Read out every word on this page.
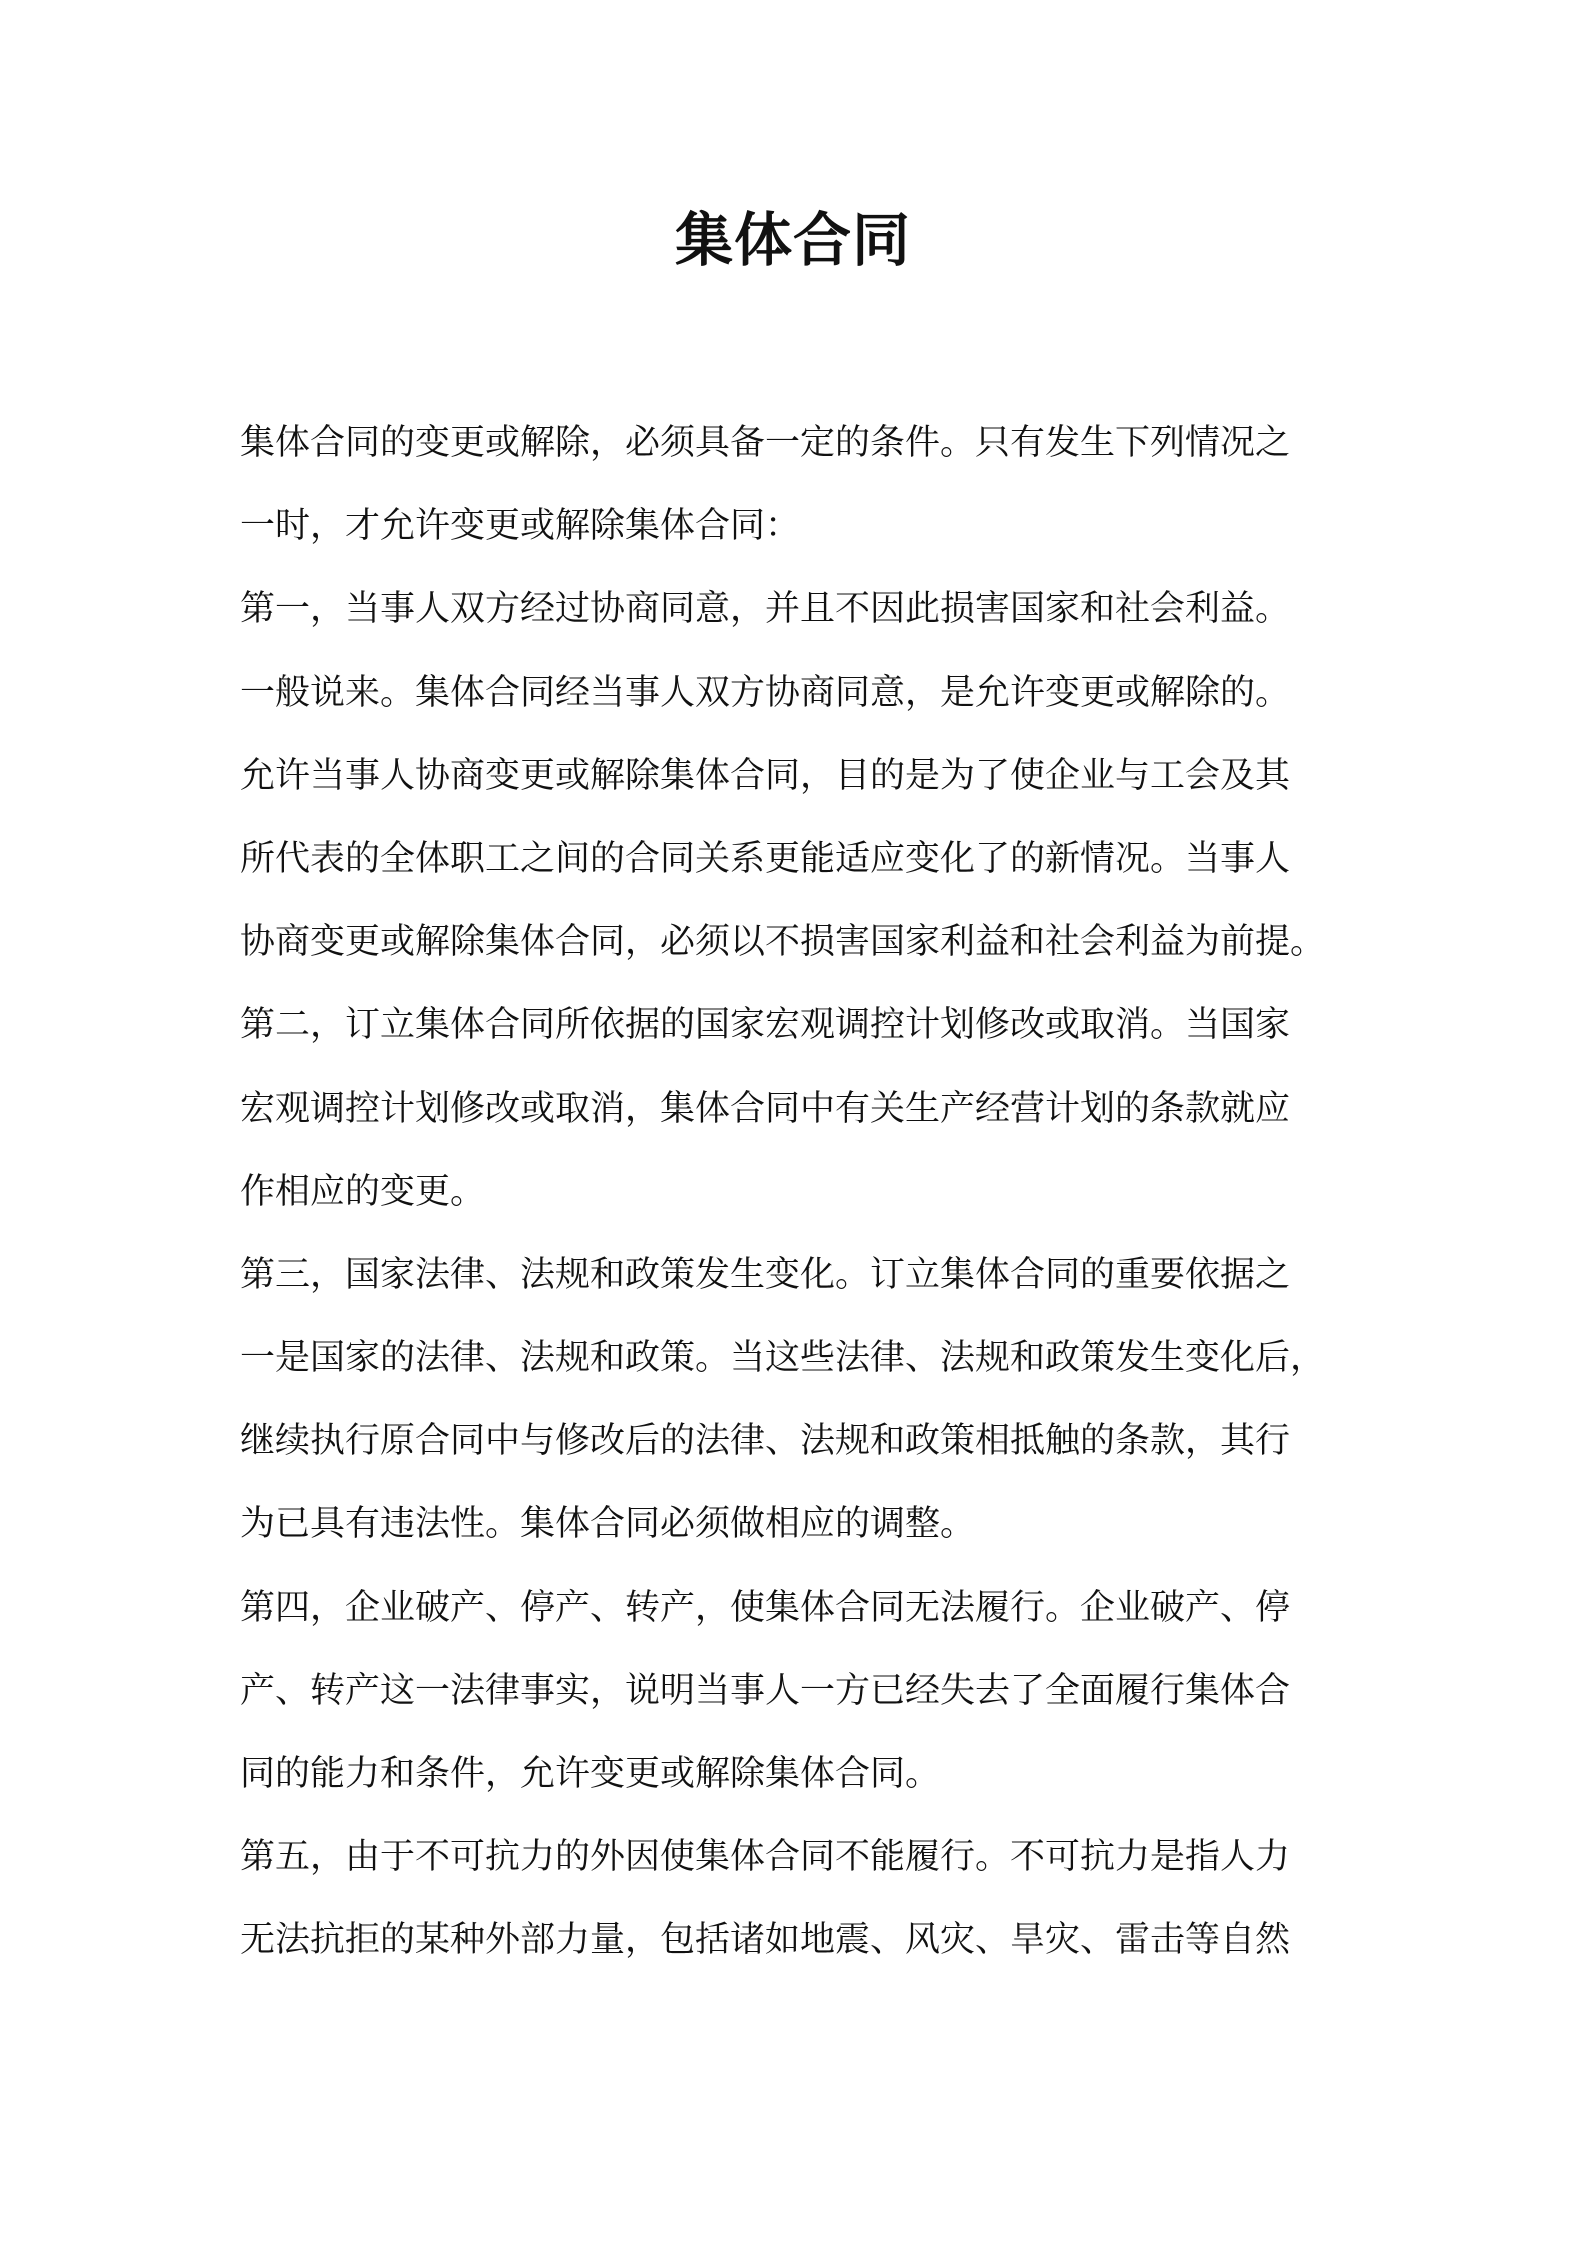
集体合同
集体合同的变更或解除，必须具备一定的条件。只有发生下列情况之
一时，才允许变更或解除集体合同：
第一，当事人双方经过协商同意，并且不因此损害国家和社会利益。
一般说来。集体合同经当事人双方协商同意，是允许变更或解除的。
允许当事人协商变更或解除集体合同，目的是为了使企业与工会及其
所代表的全体职工之间的合同关系更能适应变化了的新情况。当事人
协商变更或解除集体合同，必须以不损害国家利益和社会利益为前提。
第二，订立集体合同所依据的国家宏观调控计划修改或取消。当国家
宏观调控计划修改或取消，集体合同中有关生产经营计划的条款就应
作相应的变更。
第三，国家法律、法规和政策发生变化。订立集体合同的重要依据之
一是国家的法律、法规和政策。当这些法律、法规和政策发生变化后，
继续执行原合同中与修改后的法律、法规和政策相抵触的条款，其行
为已具有违法性。集体合同必须做相应的调整。
第四，企业破产、停产、转产，使集体合同无法履行。企业破产、停
产、转产这一法律事实，说明当事人一方已经失去了全面履行集体合
同的能力和条件，允许变更或解除集体合同。
第五，由于不可抗力的外因使集体合同不能履行。不可抗力是指人力
无法抗拒的某种外部力量，包括诸如地震、风灾、旱灾、雷击等自然
